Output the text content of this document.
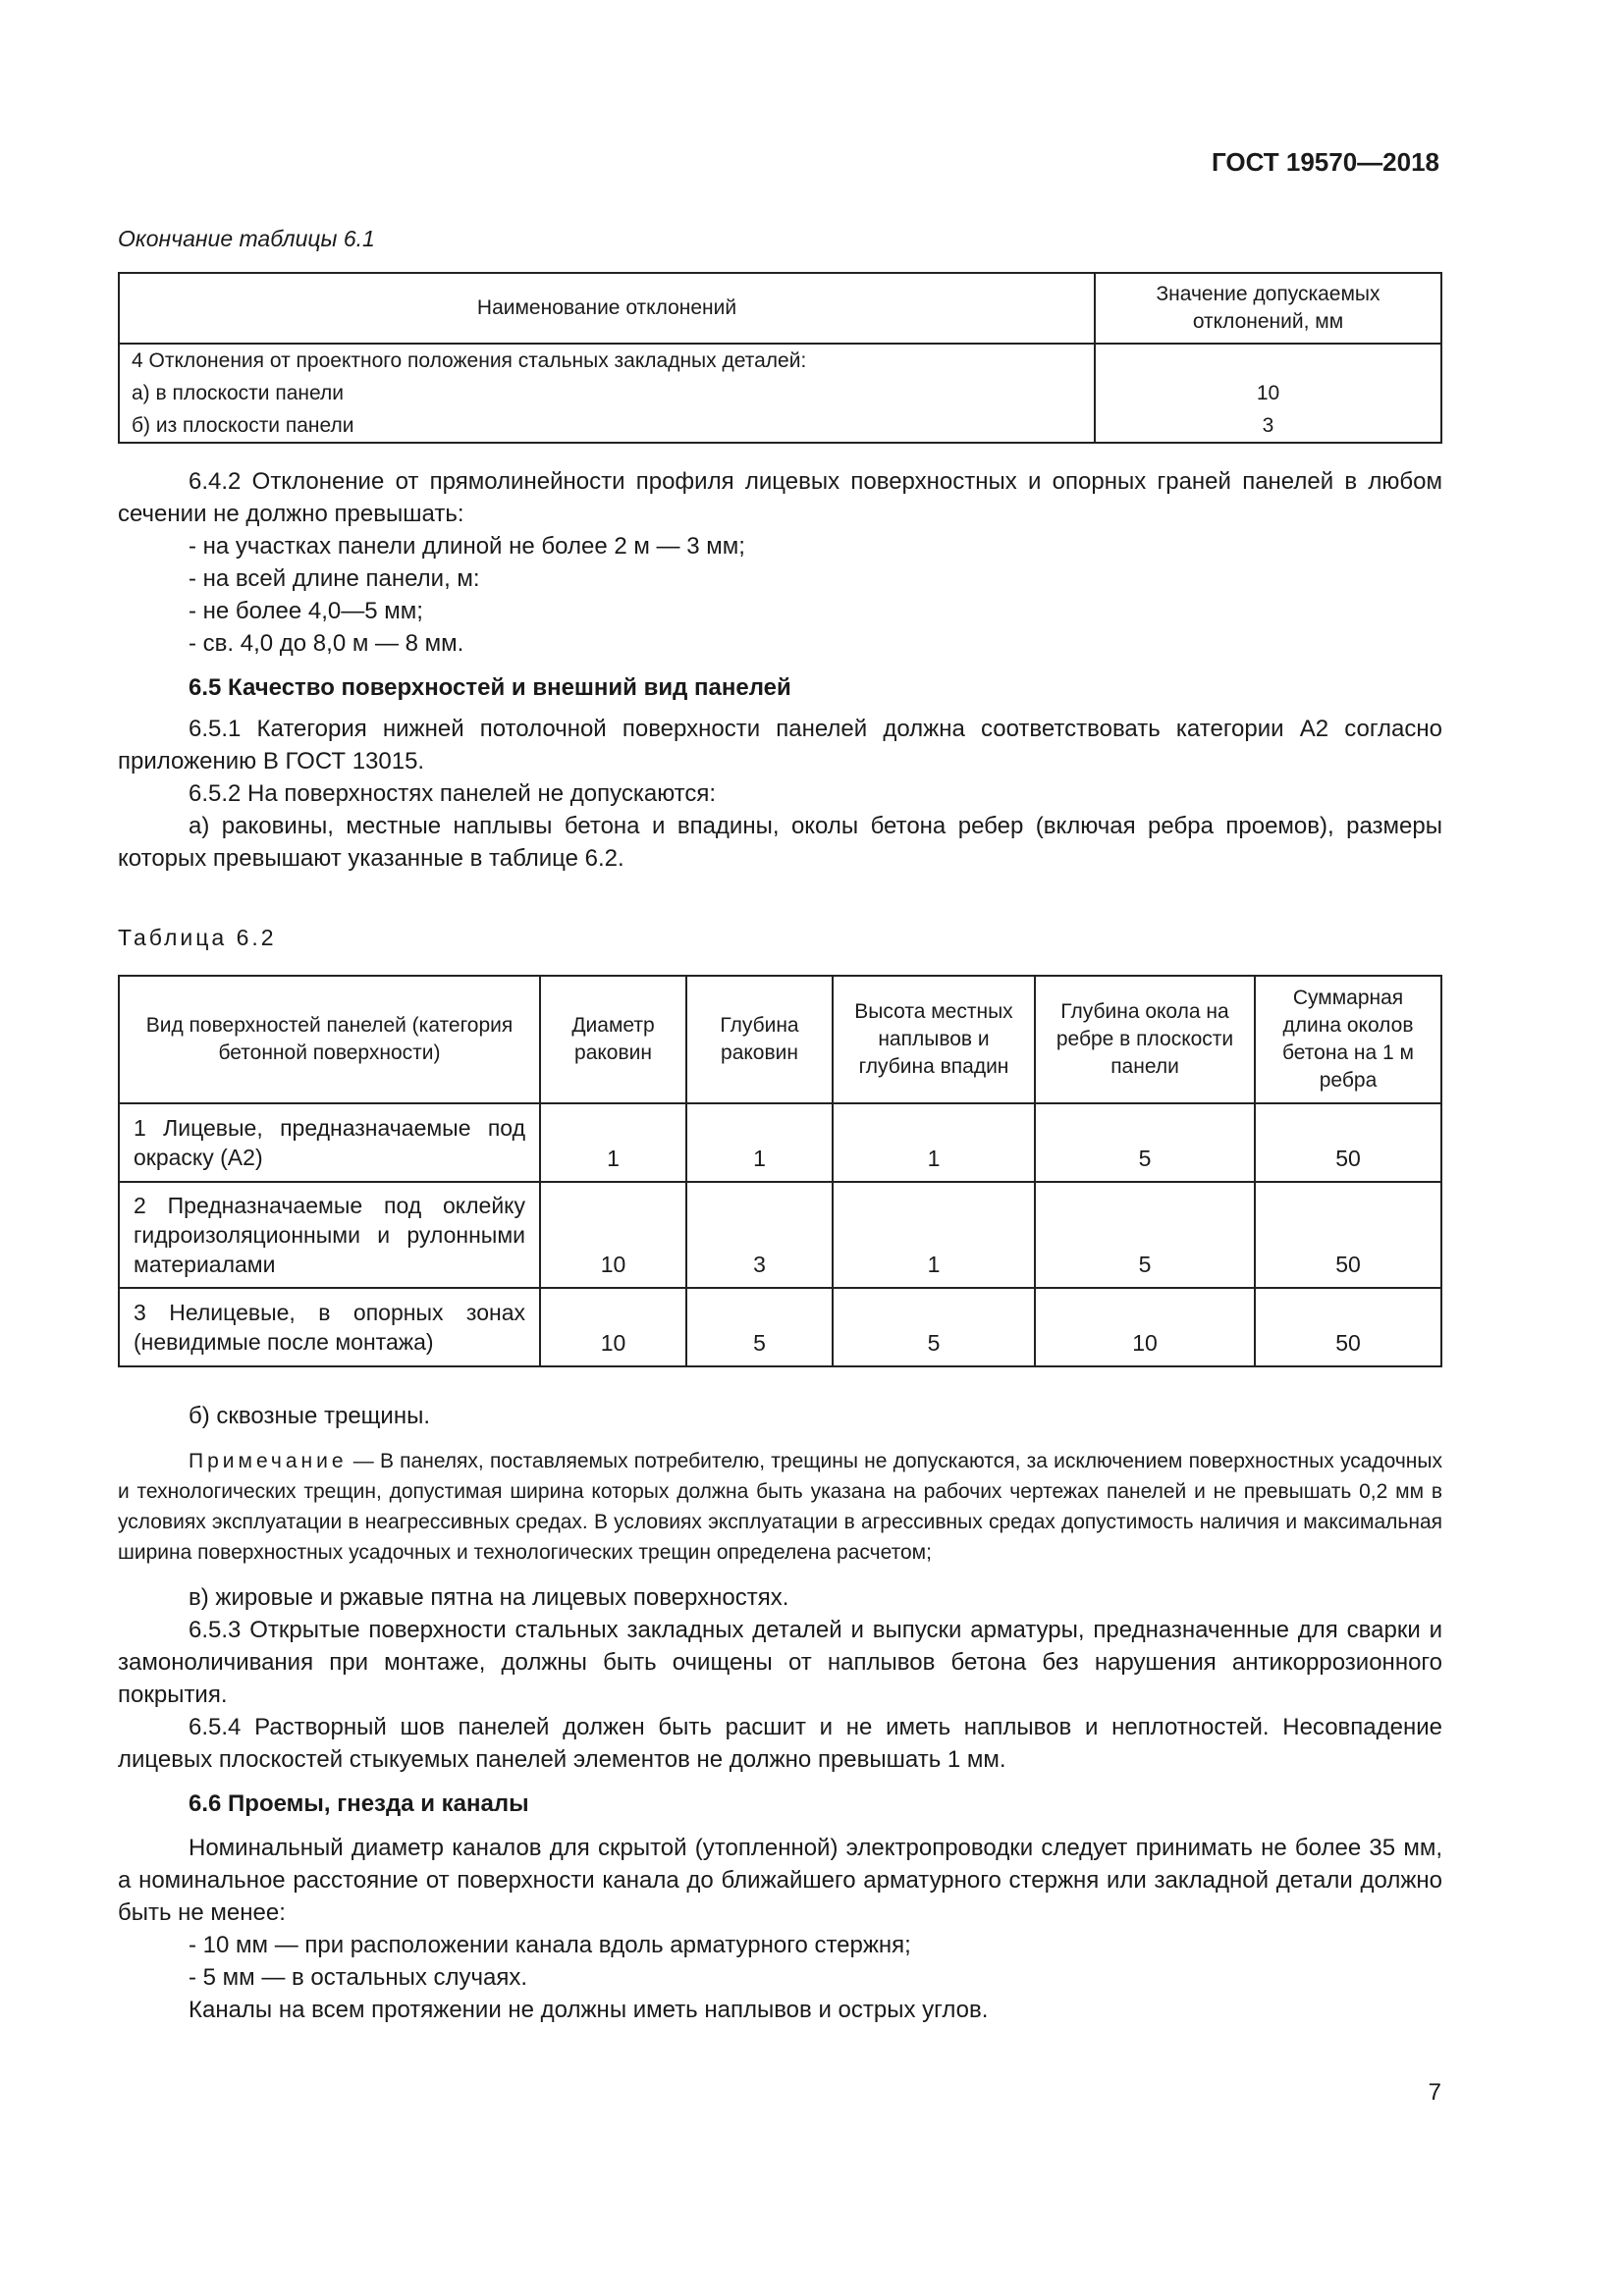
ГОСТ 19570—2018
Окончание таблицы 6.1
Наименование отклонений	Значение допускаемых отклонений, мм

4 Отклонения от проектного положения стальных закладных деталей:
а) в плоскости панели	10
б) из плоскости панели	3

6.4.2 Отклонение от прямолинейности профиля лицевых поверхностных и опорных граней панелей в любом сечении не должно превышать:

- на участках панели длиной не более 2 м — 3 мм;

- на всей длине панели, м:

- не более 4,0—5 мм;

- св. 4,0 до 8,0 м — 8 мм.

6.5 Качество поверхностей и внешний вид панелей

6.5.1 Категория нижней потолочной поверхности панелей должна соответствовать категории А2 согласно приложению В ГОСТ 13015.

6.5.2 На поверхностях панелей не допускаются:

а) раковины, местные наплывы бетона и впадины, околы бетона ребер (включая ребра проемов), размеры которых превышают указанные в таблице 6.2.

Таблица 6.2
Вид поверхностей панелей (категория бетонной поверхности)	Диаметр раковин	Глубина раковин	Высота местных наплывов и глубина впадин	Глубина окола на ребре в плоскости панели	Суммарная длина околов бетона на 1 м ребра
1 Лицевые, предназначаемые под окраску (А2)	1	1	1	5	50
2 Предназначаемые под оклейку гидроизоляционными и рулонными материалами	10	3	1	5	50
3 Нелицевые, в опорных зонах (невидимые после монтажа)	10	5	5	10	50

б) сквозные трещины.

Примечание — В панелях, поставляемых потребителю, трещины не допускаются, за исключением поверхностных усадочных и технологических трещин, допустимая ширина которых должна быть указана на рабочих чертежах панелей и не превышать 0,2 мм в условиях эксплуатации в неагрессивных средах. В условиях эксплуатации в агрессивных средах допустимость наличия и максимальная ширина поверхностных усадочных и технологических трещин определена расчетом;

в) жировые и ржавые пятна на лицевых поверхностях.

6.5.3 Открытые поверхности стальных закладных деталей и выпуски арматуры, предназначенные для сварки и замоноличивания при монтаже, должны быть очищены от наплывов бетона без нарушения антикоррозионного покрытия.

6.5.4 Растворный шов панелей должен быть расшит и не иметь наплывов и неплотностей. Несовпадение лицевых плоскостей стыкуемых панелей элементов не должно превышать 1 мм.

6.6 Проемы, гнезда и каналы

Номинальный диаметр каналов для скрытой (утопленной) электропроводки следует принимать не более 35 мм, а номинальное расстояние от поверхности канала до ближайшего арматурного стержня или закладной детали должно быть не менее:

- 10 мм — при расположении канала вдоль арматурного стержня;

- 5 мм — в остальных случаях.

Каналы на всем протяжении не должны иметь наплывов и острых углов.

7
